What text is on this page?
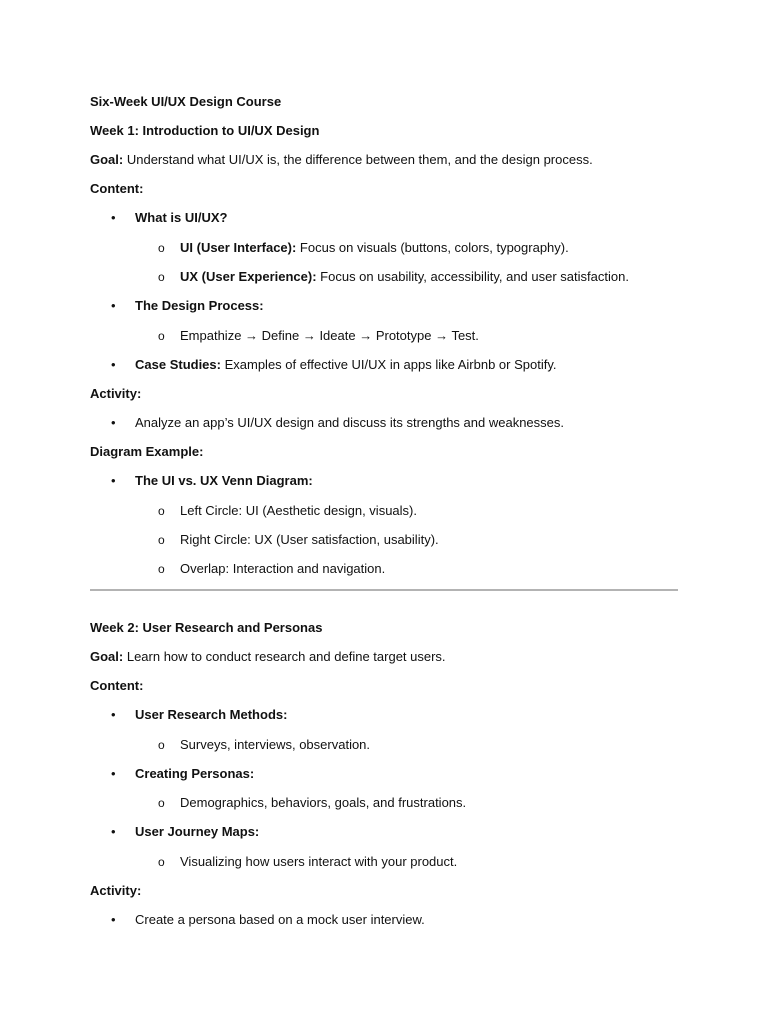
Six-Week UI/UX Design Course
Week 1: Introduction to UI/UX Design
Goal: Understand what UI/UX is, the difference between them, and the design process.
Content:
• What is UI/UX?
o UI (User Interface): Focus on visuals (buttons, colors, typography).
o UX (User Experience): Focus on usability, accessibility, and user satisfaction.
• The Design Process:
o Empathize → Define → Ideate → Prototype → Test.
• Case Studies: Examples of effective UI/UX in apps like Airbnb or Spotify.
Activity:
• Analyze an app’s UI/UX design and discuss its strengths and weaknesses.
Diagram Example:
• The UI vs. UX Venn Diagram:
o Left Circle: UI (Aesthetic design, visuals).
o Right Circle: UX (User satisfaction, usability).
o Overlap: Interaction and navigation.
Week 2: User Research and Personas
Goal: Learn how to conduct research and define target users.
Content:
• User Research Methods:
o Surveys, interviews, observation.
• Creating Personas:
o Demographics, behaviors, goals, and frustrations.
• User Journey Maps:
o Visualizing how users interact with your product.
Activity:
• Create a persona based on a mock user interview.
